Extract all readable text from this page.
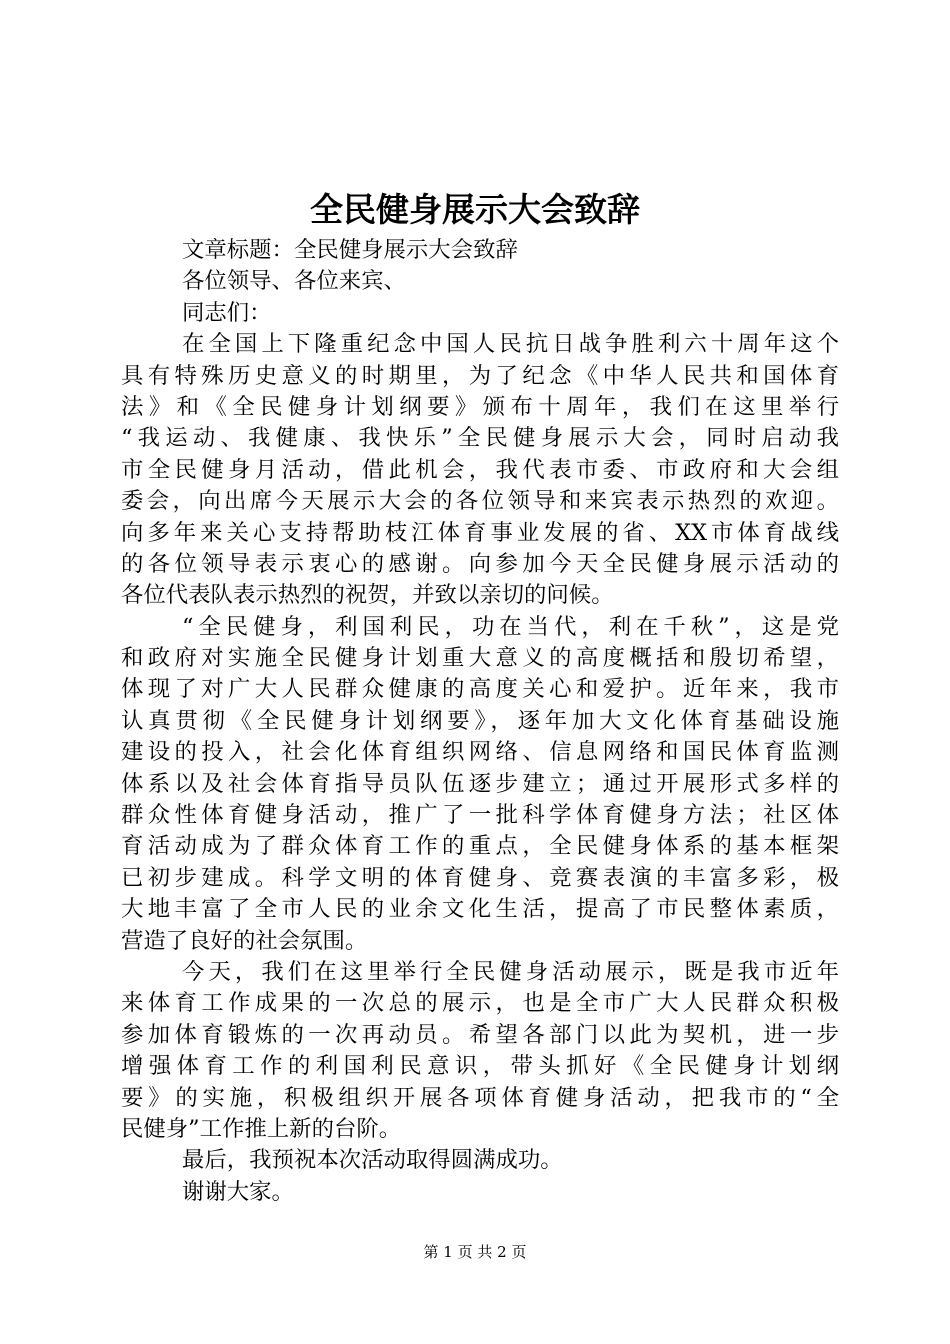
全民健身展示大会致辞
文章标题：全民健身展示大会致辞
各位领导、各位来宾、
同志们：
在全国上下隆重纪念中国人民抗日战争胜利六十周年这个
具有特殊历史意义的时期里，为了纪念《中华人民共和国体育
法》和《全民健身计划纲要》颁布十周年，我们在这里举行
“我运动、我健康、我快乐”全民健身展示大会，同时启动我
市全民健身月活动，借此机会，我代表市委、市政府和大会组
委会，向出席今天展示大会的各位领导和来宾表示热烈的欢迎。
向多年来关心支持帮助枝江体育事业发展的省、XX市体育战线
的各位领导表示衷心的感谢。向参加今天全民健身展示活动的
各位代表队表示热烈的祝贺，并致以亲切的问候。
“全民健身，利国利民，功在当代，利在千秋”，这是党
和政府对实施全民健身计划重大意义的高度概括和殷切希望，
体现了对广大人民群众健康的高度关心和爱护。近年来，我市
认真贯彻《全民健身计划纲要》，逐年加大文化体育基础设施
建设的投入，社会化体育组织网络、信息网络和国民体育监测
体系以及社会体育指导员队伍逐步建立；通过开展形式多样的
群众性体育健身活动，推广了一批科学体育健身方法；社区体
育活动成为了群众体育工作的重点，全民健身体系的基本框架
已初步建成。科学文明的体育健身、竞赛表演的丰富多彩，极
大地丰富了全市人民的业余文化生活，提高了市民整体素质，
营造了良好的社会氛围。
今天，我们在这里举行全民健身活动展示，既是我市近年
来体育工作成果的一次总的展示，也是全市广大人民群众积极
参加体育锻炼的一次再动员。希望各部门以此为契机，进一步
增强体育工作的利国利民意识，带头抓好《全民健身计划纲
要》的实施，积极组织开展各项体育健身活动，把我市的“全
民健身”工作推上新的台阶。
最后，我预祝本次活动取得圆满成功。
谢谢大家。
第 1 页 共 2 页
